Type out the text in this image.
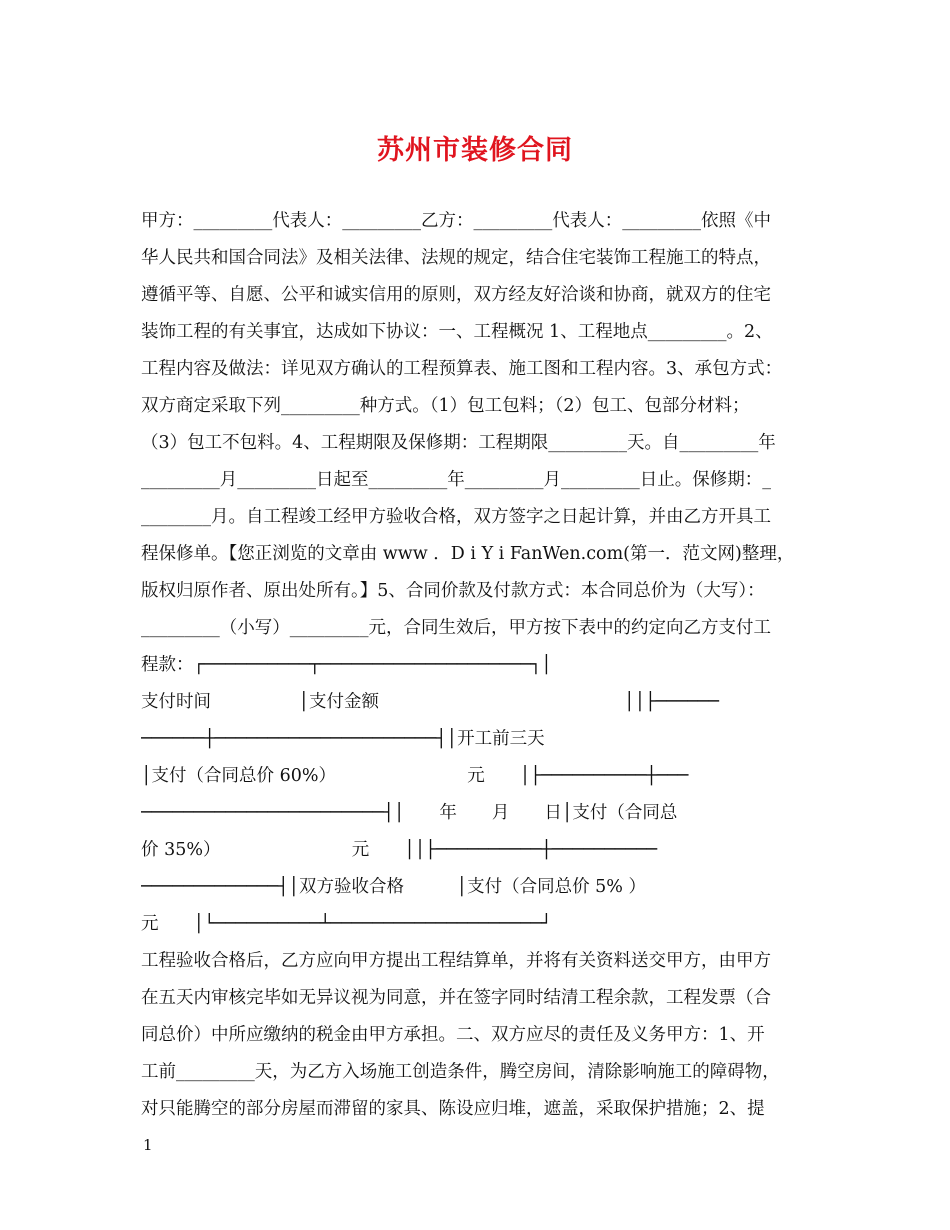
苏州市装修合同
甲方：_________代表人：_________乙方：_________代表人：_________依照《中
华人民共和国合同法》及相关法律、法规的规定，结合住宅装饰工程施工的特点，
遵循平等、自愿、公平和诚实信用的原则，双方经友好洽谈和协商，就双方的住宅
装饰工程的有关事宜，达成如下协议：一、工程概况 1、工程地点_________。2、
工程内容及做法：详见双方确认的工程预算表、施工图和工程内容。3、承包方式：
双方商定采取下列_________种方式。（1）包工包料；（2）包工、包部分材料；
（3）包工不包料。4、工程期限及保修期：工程期限_________天。自_________年
_________月_________日起至_________年_________月_________日止。保修期：_
________月。自工程竣工经甲方验收合格，双方签字之日起计算，并由乙方开具工
程保修单。【您正浏览的文章由 www ．D i Y i FanWen.com(第一．范文网)整理，
版权归原作者、原出处所有。】5、合同价款及付款方式：本合同总价为（大写）：
_________（小写）_________元，合同生效后，甲方按下表中的约定向乙方支付工
程款：┌──────────┬────────────────────┐│
支付时间　　　　　│支付金额　　　　　　　　　　　　　　││├──────
──────┼─────────────────────┤│开工前三天
│支付（合同总价 60%）　　　　　　　　元　　│├──────────┼───
───────────────────────┤│　　年　　月　　日│支付（合同总
价 35%）　　　　　　　　元　　││├──────────┼──────────
─────────────┤│双方验收合格　　　│支付（合同总价 5% ）
元　　│└──────────┴────────────────────┘
工程验收合格后，乙方应向甲方提出工程结算单，并将有关资料送交甲方，由甲方
在五天内审核完毕如无异议视为同意，并在签字同时结清工程余款，工程发票（合
同总价）中所应缴纳的税金由甲方承担。二、双方应尽的责任及义务甲方：1、开
工前_________天，为乙方入场施工创造条件，腾空房间，清除影响施工的障碍物，
对只能腾空的部分房屋而滞留的家具、陈设应归堆，遮盖，采取保护措施；2、提
1
